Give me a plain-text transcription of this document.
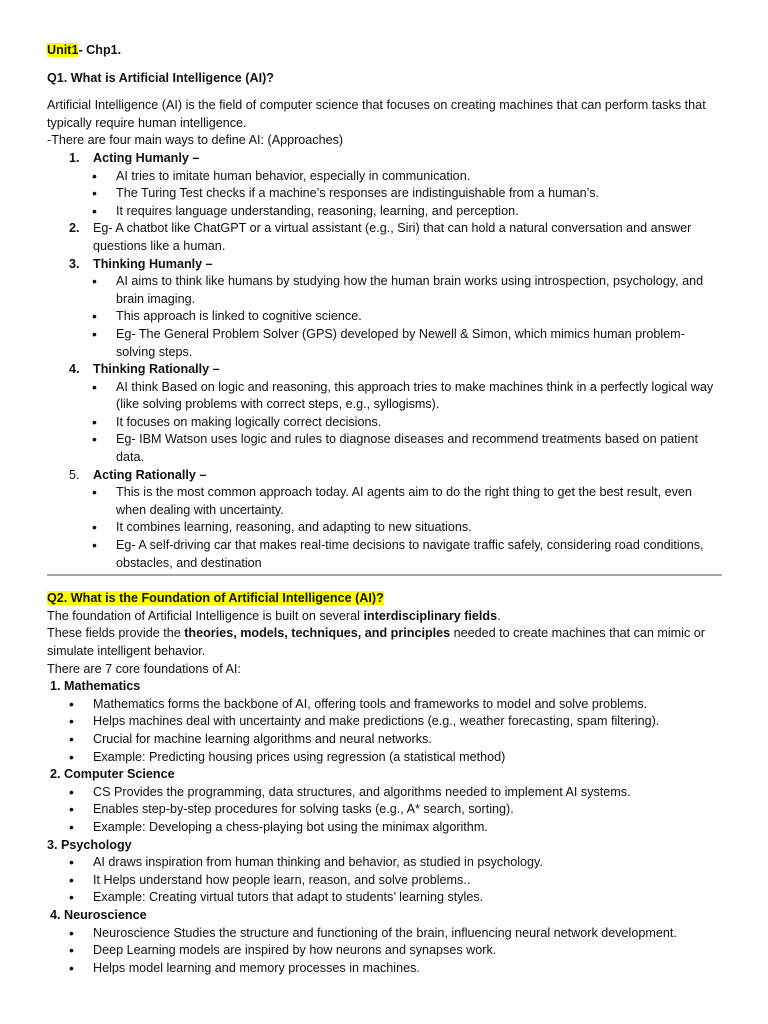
Unit1- Chp1.

Q1. What is Artificial Intelligence (AI)?

Artificial Intelligence (AI) is the field of computer science that focuses on creating machines that can perform tasks that typically require human intelligence.

-There are four main ways to define AI: (Approaches)

1. Acting Humanly –
• AI tries to imitate human behavior, especially in communication.
• The Turing Test checks if a machine’s responses are indistinguishable from a human’s.
• It requires language understanding, reasoning, learning, and perception.
2. Eg- A chatbot like ChatGPT or a virtual assistant (e.g., Siri) that can hold a natural conversation and answer questions like a human.
3. Thinking Humanly –
• AI aims to think like humans by studying how the human brain works using introspection, psychology, and brain imaging.
• This approach is linked to cognitive science.
• Eg- The General Problem Solver (GPS) developed by Newell & Simon, which mimics human problem-solving steps.
4. Thinking Rationally –
• AI think Based on logic and reasoning, this approach tries to make machines think in a perfectly logical way (like solving problems with correct steps, e.g., syllogisms).
• It focuses on making logically correct decisions.
• Eg- IBM Watson uses logic and rules to diagnose diseases and recommend treatments based on patient data.
5. Acting Rationally –
• This is the most common approach today. AI agents aim to do the right thing to get the best result, even when dealing with uncertainty.
• It combines learning, reasoning, and adapting to new situations.
• Eg- A self-driving car that makes real-time decisions to navigate traffic safely, considering road conditions, obstacles, and destination

Q2. What is the Foundation of Artificial Intelligence (AI)?

The foundation of Artificial Intelligence is built on several interdisciplinary fields.

These fields provide the theories, models, techniques, and principles needed to create machines that can mimic or simulate intelligent behavior.

There are 7 core foundations of AI:

1. Mathematics

• Mathematics forms the backbone of AI, offering tools and frameworks to model and solve problems.
• Helps machines deal with uncertainty and make predictions (e.g., weather forecasting, spam filtering).
• Crucial for machine learning algorithms and neural networks.
• Example: Predicting housing prices using regression (a statistical method)

2. Computer Science

• CS Provides the programming, data structures, and algorithms needed to implement AI systems.
• Enables step-by-step procedures for solving tasks (e.g., A* search, sorting).
• Example: Developing a chess-playing bot using the minimax algorithm.

3. Psychology

• AI draws inspiration from human thinking and behavior, as studied in psychology.
• It Helps understand how people learn, reason, and solve problems..
• Example: Creating virtual tutors that adapt to students’ learning styles.

4. Neuroscience

• Neuroscience Studies the structure and functioning of the brain, influencing neural network development.
• Deep Learning models are inspired by how neurons and synapses work.
• Helps model learning and memory processes in machines.
